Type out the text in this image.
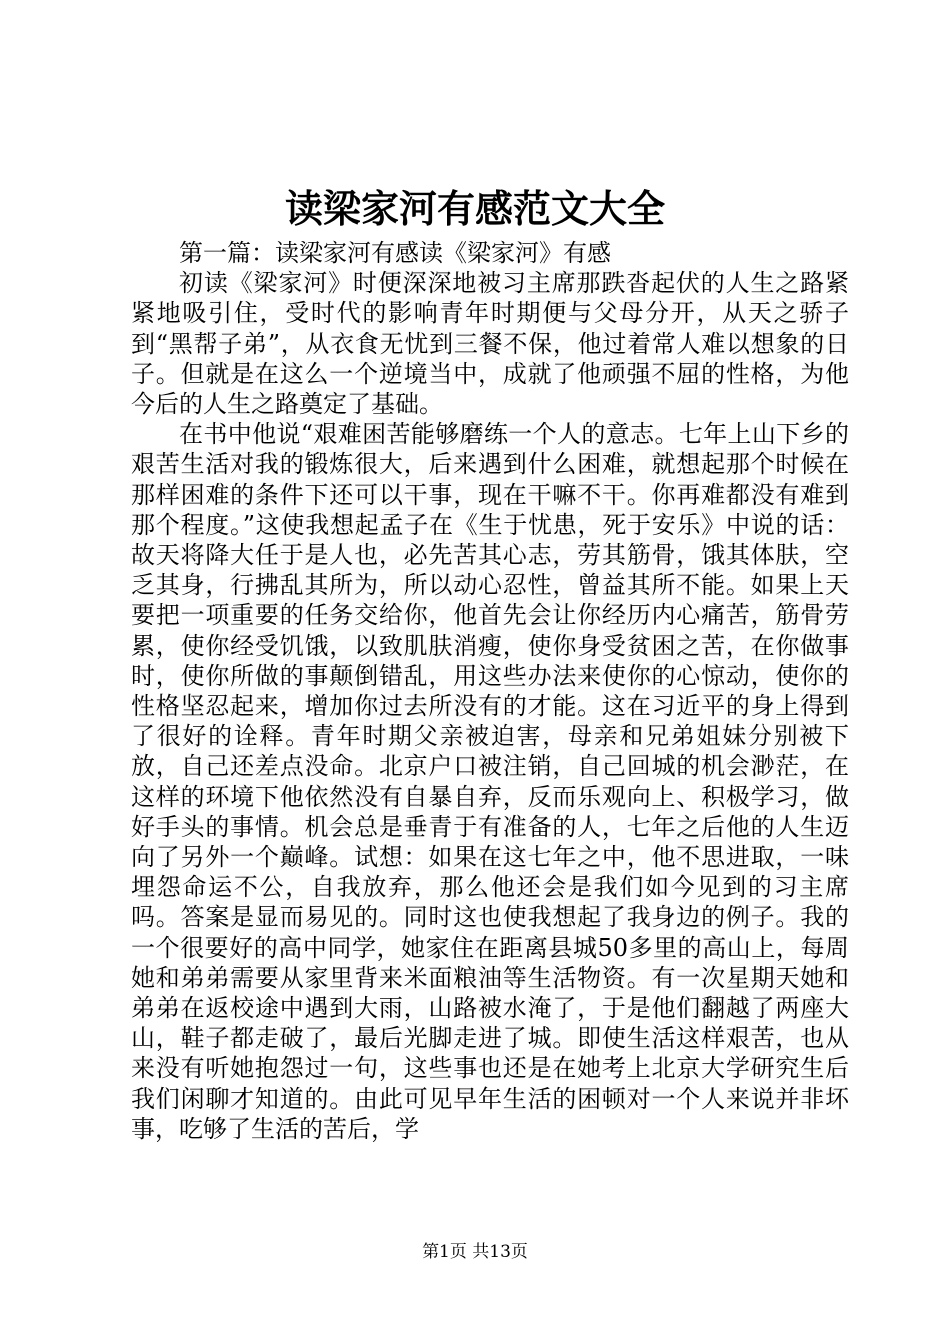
读梁家河有感范文大全

第一篇：读梁家河有感读《梁家河》有感

初读《梁家河》时便深深地被习主席那跌沓起伏的人生之路紧紧地吸引住，受时代的影响青年时期便与父母分开，从天之骄子到“黑帮子弟”，从衣食无忧到三餐不保，他过着常人难以想象的日子。但就是在这么一个逆境当中，成就了他顽强不屈的性格，为他今后的人生之路奠定了基础。

在书中他说“艰难困苦能够磨练一个人的意志。七年上山下乡的艰苦生活对我的锻炼很大，后来遇到什么困难，就想起那个时候在那样困难的条件下还可以干事，现在干嘛不干。你再难都没有难到那个程度。”这使我想起孟子在《生于忧患，死于安乐》中说的话：故天将降大任于是人也，必先苦其心志，劳其筋骨，饿其体肤，空乏其身，行拂乱其所为，所以动心忍性，曾益其所不能。如果上天要把一项重要的任务交给你，他首先会让你经历内心痛苦，筋骨劳累，使你经受饥饿，以致肌肤消瘦，使你身受贫困之苦，在你做事时，使你所做的事颠倒错乱，用这些办法来使你的心惊动，使你的性格坚忍起来，增加你过去所没有的才能。这在习近平的身上得到了很好的诠释。青年时期父亲被迫害，母亲和兄弟姐妹分别被下放，自己还差点没命。北京户口被注销，自己回城的机会渺茫，在这样的环境下他依然没有自暴自弃，反而乐观向上、积极学习，做好手头的事情。机会总是垂青于有准备的人，七年之后他的人生迈向了另外一个巅峰。试想：如果在这七年之中，他不思进取，一味埋怨命运不公，自我放弃，那么他还会是我们如今见到的习主席吗。答案是显而易见的。同时这也使我想起了我身边的例子。我的一个很要好的高中同学，她家住在距离县城50多里的高山上，每周她和弟弟需要从家里背来米面粮油等生活物资。有一次星期天她和弟弟在返校途中遇到大雨，山路被水淹了，于是他们翻越了两座大山，鞋子都走破了，最后光脚走进了城。即使生活这样艰苦，也从来没有听她抱怨过一句，这些事也还是在她考上北京大学研究生后我们闲聊才知道的。由此可见早年生活的困顿对一个人来说并非坏事，吃够了生活的苦后，学

第1页 共13页
